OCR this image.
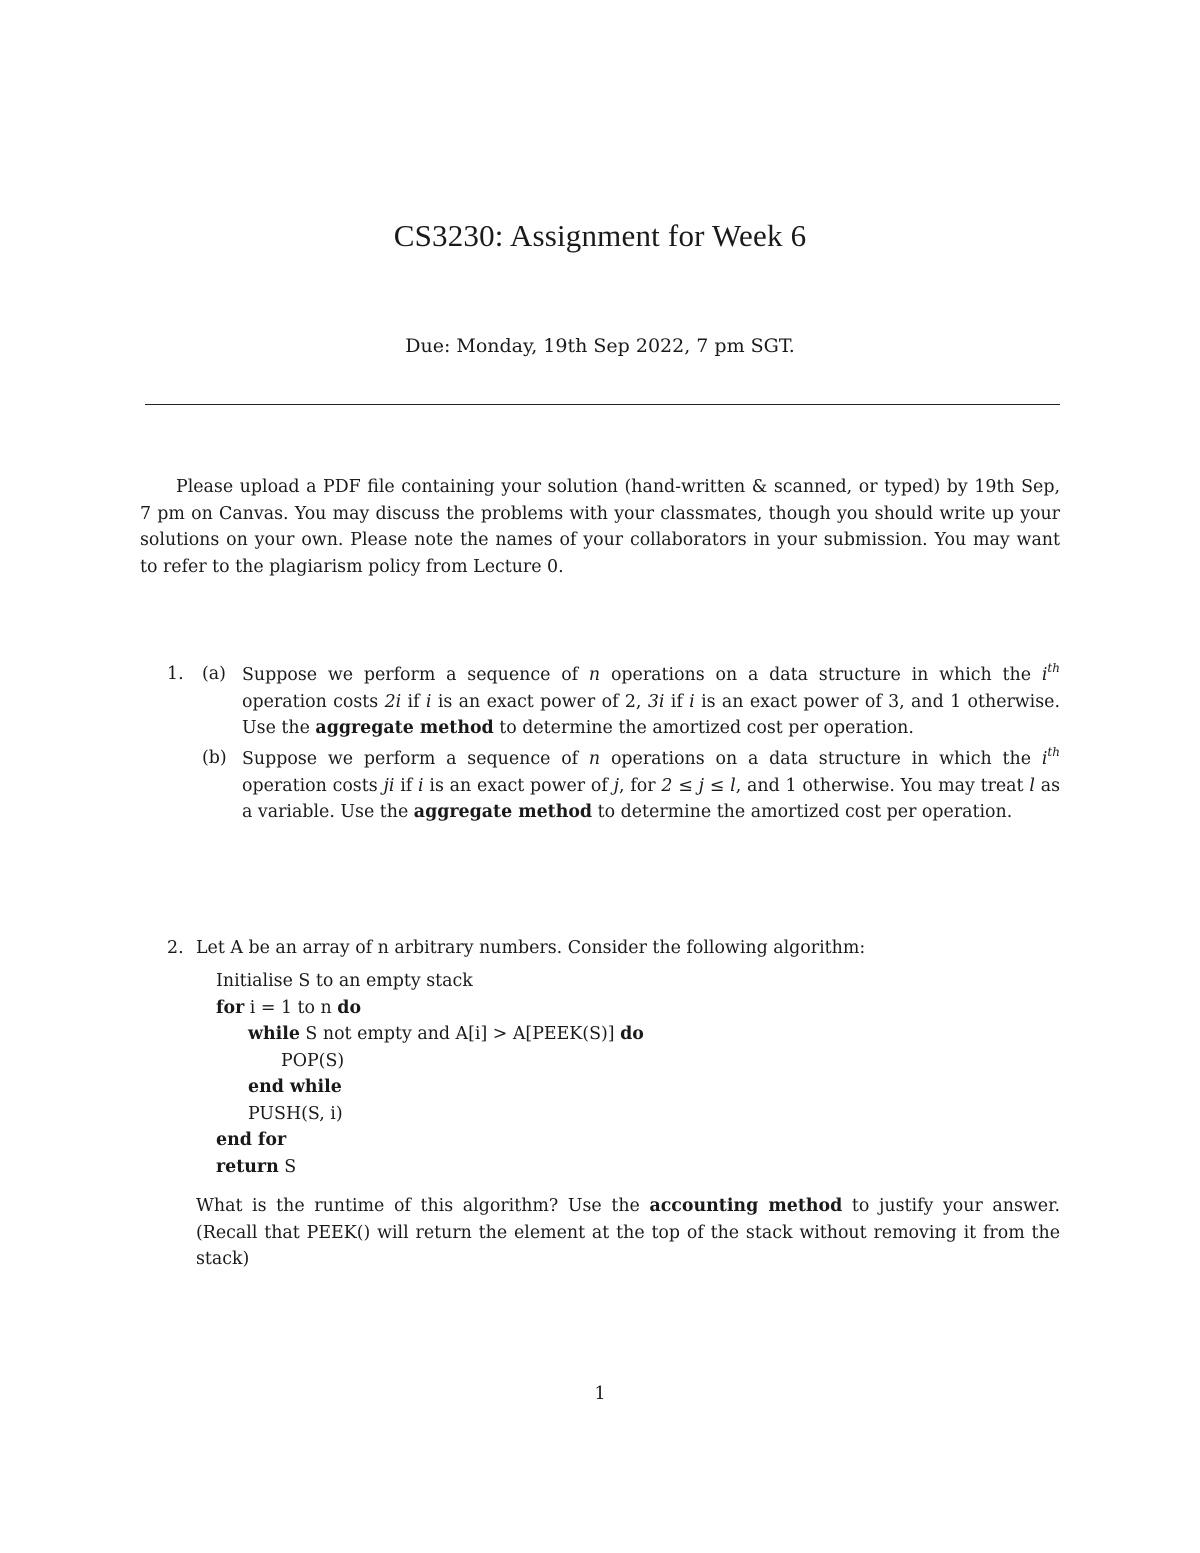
CS3230: Assignment for Week 6
Due: Monday, 19th Sep 2022, 7 pm SGT.
Please upload a PDF file containing your solution (hand-written & scanned, or typed) by 19th Sep, 7 pm on Canvas. You may discuss the problems with your classmates, though you should write up your solutions on your own. Please note the names of your collaborators in your submission. You may want to refer to the plagiarism policy from Lecture 0.
1. (a) Suppose we perform a sequence of n operations on a data structure in which the $i^{th}$ operation costs 2i if i is an exact power of 2, 3i if i is an exact power of 3, and 1 otherwise. Use the aggregate method to determine the amortized cost per operation.
(b) Suppose we perform a sequence of n operations on a data structure in which the $i^{th}$ operation costs ji if i is an exact power of j, for 2 ≤ j ≤ l, and 1 otherwise. You may treat l as a variable. Use the aggregate method to determine the amortized cost per operation.
2. Let A be an array of n arbitrary numbers. Consider the following algorithm:
Initialise S to an empty stack
for i = 1 to n do
while S not empty and A[i] > A[PEEK(S)] do
POP(S)
end while
PUSH(S, i)
end for
return S
What is the runtime of this algorithm? Use the accounting method to justify your answer. (Recall that PEEK() will return the element at the top of the stack without removing it from the stack)
1
